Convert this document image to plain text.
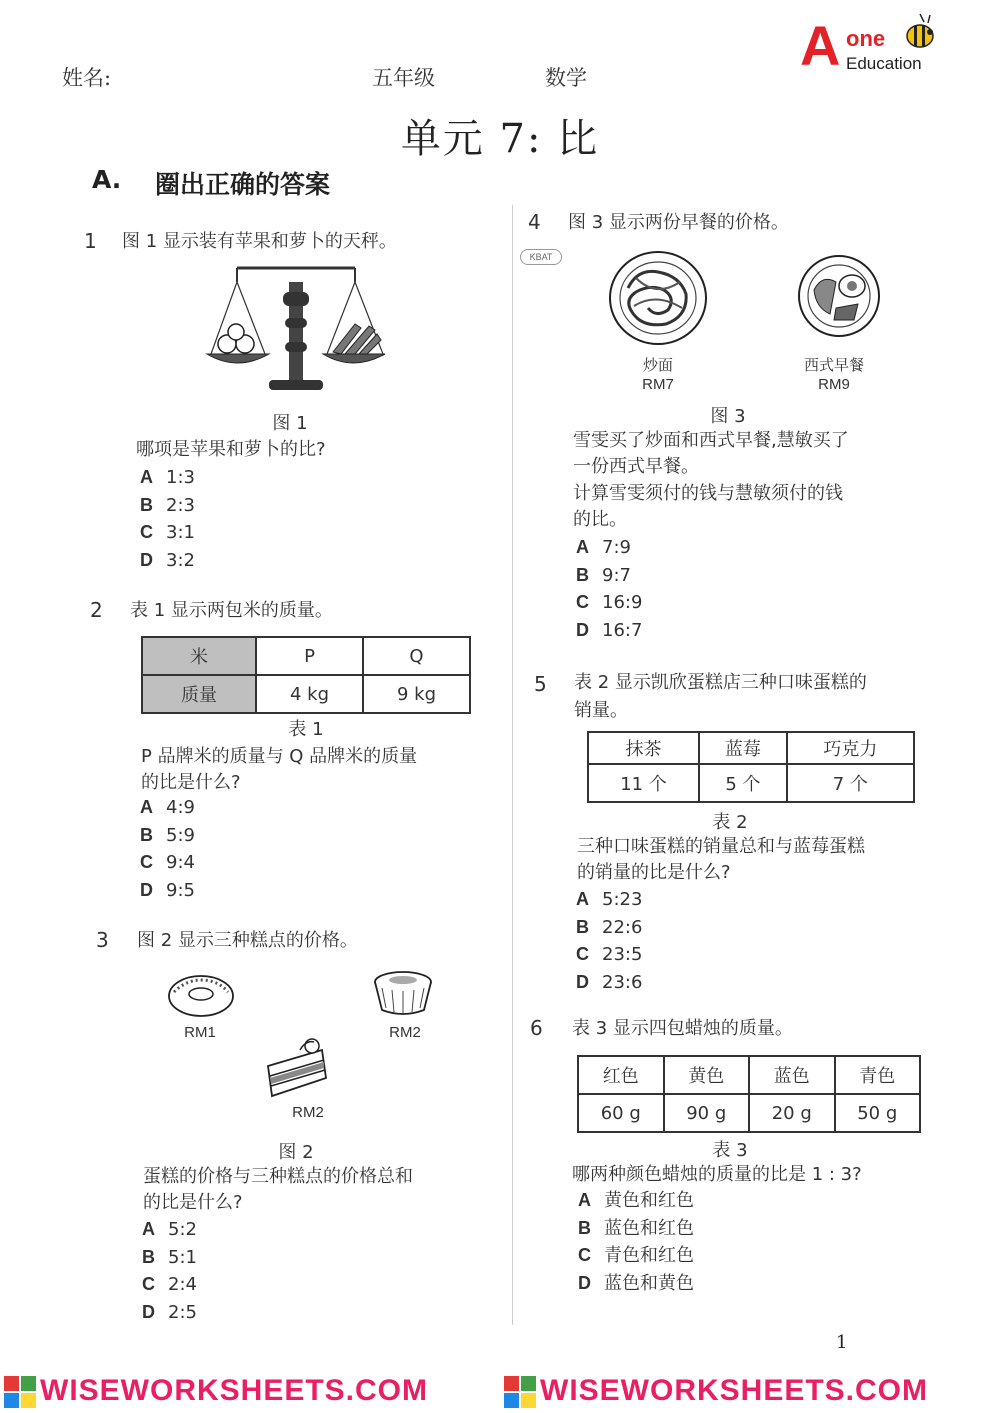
姓名:	五年级	数学
A one
Education
单元 7: 比
A. 圈出正确的答案
1 图 1 显示装有苹果和萝卜的天秤。
图 1
哪项是苹果和萝卜的比?
A 1:3
B 2:3
C 3:1
D 3:2
2 表 1 显示两包米的质量。
米	P	Q
质量	4 kg	9 kg
表 1
P 品牌米的质量与 Q 品牌米的质量
的比是什么?
A 4:9
B 5:9
C 9:4
D 9:5
3 图 2 显示三种糕点的价格。
RM1	RM2
RM2
图 2
蛋糕的价格与三种糕点的价格总和
的比是什么?
A 5:2
B 5:1
C 2:4
D 2:5
4 图 3 显示两份早餐的价格。
KBAT
炒面
RM7
西式早餐
RM9
图 3
雪雯买了炒面和西式早餐,慧敏买了
一份西式早餐。
计算雪雯须付的钱与慧敏须付的钱
的比。
A 7:9
B 9:7
C 16:9
D 16:7
5 表 2 显示凯欣蛋糕店三种口味蛋糕的
销量。
抹茶	蓝莓	巧克力
11 个	5 个	7 个
表 2
三种口味蛋糕的销量总和与蓝莓蛋糕
的销量的比是什么?
A 5:23
B 22:6
C 23:5
D 23:6
6 表 3 显示四包蜡烛的质量。
红色	黄色	蓝色	青色
60 g	90 g	20 g	50 g
表 3
哪两种颜色蜡烛的质量的比是 1 : 3?
A 黄色和红色
B 蓝色和红色
C 青色和红色
D 蓝色和黄色
1
WISEWORKSHEETS.COM	WISEWORKSHEETS.COM
